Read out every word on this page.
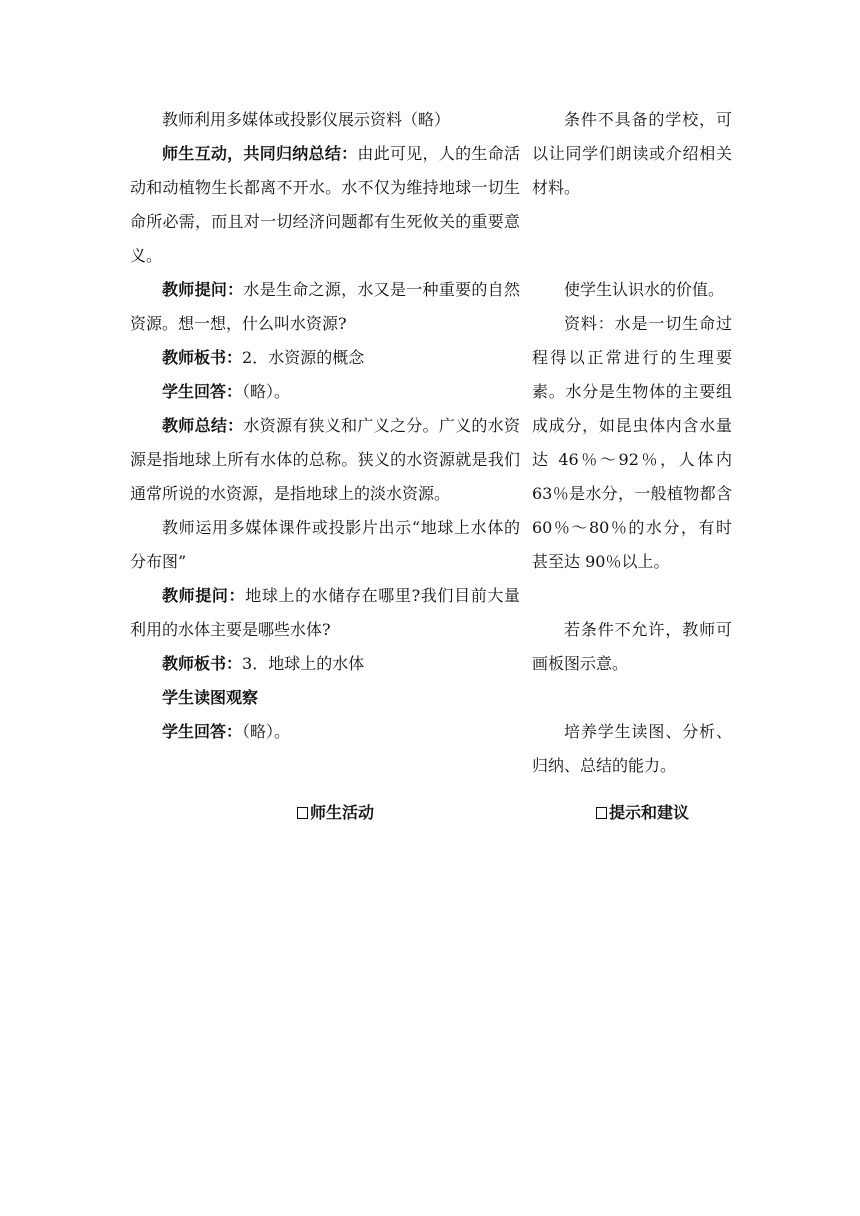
教师利用多媒体或投影仪展示资料（略）

师生互动，共同归纳总结：由此可见，人的生命活动和动植物生长都离不开水。水不仅为维持地球一切生命所必需，而且对一切经济问题都有生死攸关的重要意义。

教师提问：水是生命之源，水又是一种重要的自然资源。想一想，什么叫水资源?

教师板书：2．水资源的概念

学生回答：（略）。

教师总结：水资源有狭义和广义之分。广义的水资源是指地球上所有水体的总称。狭义的水资源就是我们通常所说的水资源，是指地球上的淡水资源。

教师运用多媒体课件或投影片出示“地球上水体的分布图”

教师提问：地球上的水储存在哪里?我们目前大量利用的水体主要是哪些水体?

教师板书：3．地球上的水体

学生读图观察

学生回答：（略）。

条件不具备的学校，可以让同学们朗读或介绍相关材料。

使学生认识水的价值。

资料：水是一切生命过程得以正常进行的生理要素。水分是生物体的主要组成成分，如昆虫体内含水量达 46％～92％，人体内 63％是水分，一般植物都含 60％～80％的水分，有时甚至达 90％以上。

若条件不允许，教师可画板图示意。

培养学生读图、分析、归纳、总结的能力。

师生活动	提示和建议
